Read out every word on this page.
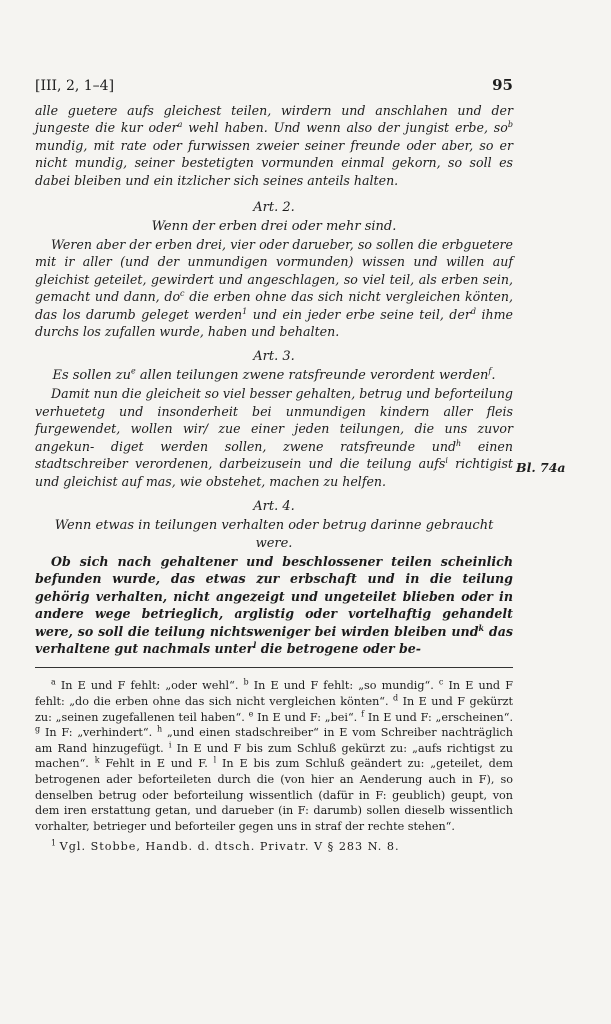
[III, 2, 1–4]	95

alle guetere aufs gleichest teilen, wirdern und anschlahen und der jungeste die kur oder$^a$ wehl haben. Und wenn also der jungist erbe, $so^b$ mundig, mit rate oder furwissen zweier seiner freunde oder aber, so er nicht mundig, seiner bestetigten vormunden einmal gekorn, so soll es dabei bleiben und ein itzlicher sich seines anteils halten.

Art. 2.

Wenn der erben drei oder mehr sind.

Weren aber der erben drei, vier oder darueber, so sollen die erbguetere mit ir aller (und der unmundigen vormunden) wissen und willen auf gleichist geteilet, gewirdert und angeschlagen, so viel teil, als erben sein, gemacht und dann, $do^c$ die erben ohne das sich nicht vergleichen könten, das los darumb geleget werden$^1$ und ein jeder erbe seine teil, der$^d$ ihme durchs los zufallen wurde, haben und behalten.

Art. 3.

Es sollen $zu^e$ allen teilungen zwene ratsfreunde verordent werden$^f$.

Damit nun die gleicheit so viel besser gehalten, betrug und beforteilung verhuetetg und insonderheit bei unmundigen kindern aller fleis furgewendet, wollen wir/ zue einer jeden teilungen, die uns zuvor angekun- diget werden sollen, zwene ratsfreunde und$^h$ einen stadtschreiber verordenen, darbeizusein und die teilung aufs$^i$ richtigist und gleichist auf mas, wie obstehet, machen zu helfen.

Art. 4.

Wenn etwas in teilungen verhalten oder betrug darinne gebraucht were.

Ob sich nach gehaltener und beschlossener teilen scheinlich befunden wurde, das etwas zur erbschaft und in die teilung gehörig verhalten, nicht angezeigt und ungeteilet blieben oder in andere wege betrieglich, arglistig oder vortelhaftig gehandelt were, so soll die teilung nichtsweniger bei wirden bleiben und$^k$ das verhaltene gut nachmals unter$^l$ die betrogene oder be-

$^a$ In E und F fehlt: „oder wehl“. $^b$ In E und F fehlt: „so mundig“. $^c$ In E und F fehlt: „do die erben ohne das sich nicht vergleichen könten“. $^d$ In E und F gekürzt zu: „seinen zugefallenen teil haben“. $^e$ In E und F: „bei“. $^f$ In E und F: „erscheinen“. $^g$ In F: „verhindert“. $^h$ „und einen stadschreiber“ in E vom Schreiber nachträglich am Rand hinzugefügt. $^i$ In E und F bis zum Schluß gekürzt zu: „aufs richtigst zu machen“. $^k$ Fehlt in E und F. $^l$ In E bis zum Schluß geändert zu: „geteilet, dem betrogenen ader beforteileten durch die (von hier an Aenderung auch in F), so denselben betrug oder beforteilung wissentlich (dafür in F: geublich) geupt, von dem iren erstattung getan, und darueber (in F: darumb) sollen dieselb wissentlich vorhalter, betrieger und beforteiler gegen uns in straf der rechte stehen“.

$^1$ Vgl. Stobbe, Handb. d. dtsch. Privatr. V § 283 N. 8.

Bl. 74a
